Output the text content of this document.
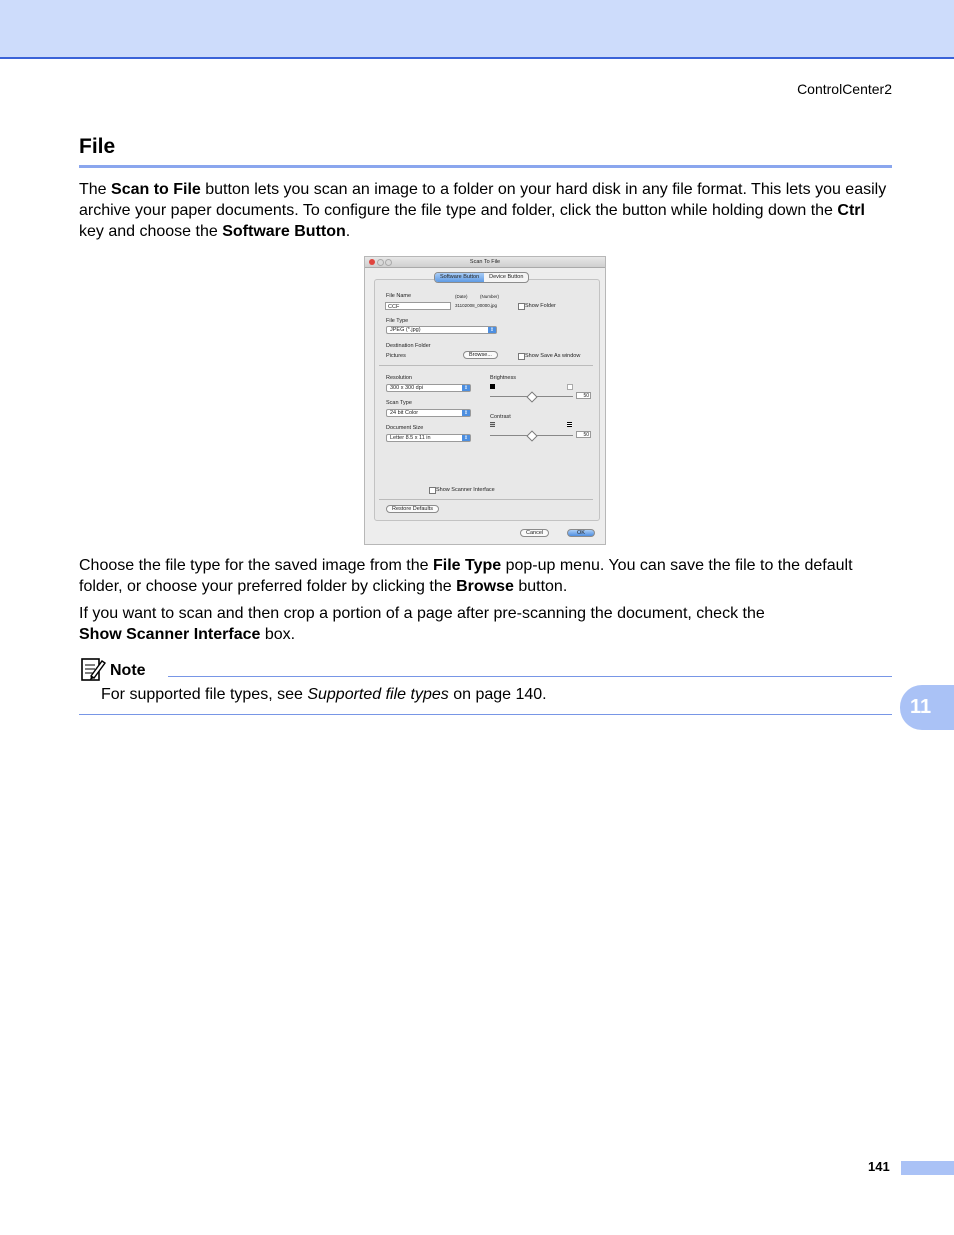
ControlCenter2
File
The Scan to File button lets you scan an image to a folder on your hard disk in any file format. This lets you easily archive your paper documents. To configure the file type and folder, click the button while holding down the Ctrl key and choose the Software Button.
Scan To File
Software Button	Device Button
File Name	(Date)	(Number)
CCF	31102008_00000.jpg	Show Folder
File Type
JPEG (*.jpg)	⇕
Destination Folder
Pictures	Browse...	Show Save As window
Resolution
300 x 300 dpi	⇕
Scan Type
24 bit Color	⇕
Document Size
Letter 8.5 x 11 in	⇕
Brightness
50
Contrast
50
Show Scanner Interface
Restore Defaults
Cancel	OK
Choose the file type for the saved image from the File Type pop-up menu. You can save the file to the default folder, or choose your preferred folder by clicking the Browse button.
If you want to scan and then crop a portion of a page after pre-scanning the document, check the
Show Scanner Interface box.
Note
For supported file types, see Supported file types on page 140.
11
141
